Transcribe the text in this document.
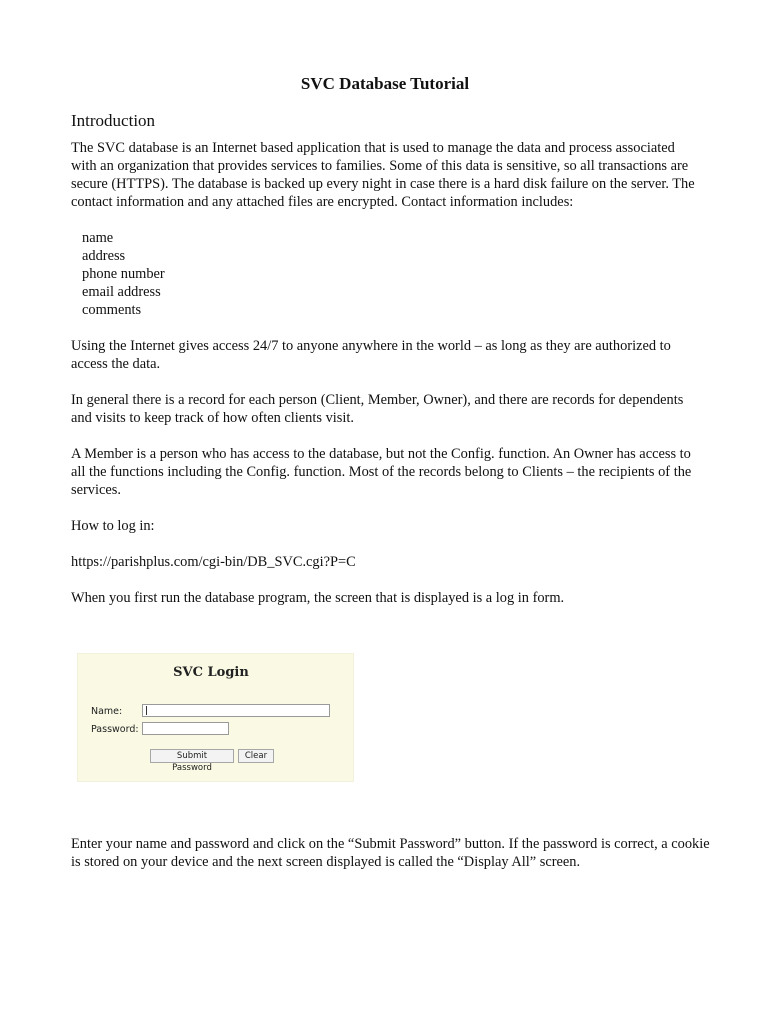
SVC Database Tutorial
Introduction

The SVC database is an Internet based application that is used to manage the data and process associated with an organization that provides services to families. Some of this data is sensitive, so all transactions are secure (HTTPS). The database is backed up every night in case there is a hard disk failure on the server. The contact information and any attached files are encrypted. Contact information includes:

name
address
phone number
email address
comments

Using the Internet gives access 24/7 to anyone anywhere in the world – as long as they are authorized to access the data.

In general there is a record for each person (Client, Member, Owner), and there are records for dependents and visits to keep track of how often clients visit.

A Member is a person who has access to the database, but not the Config. function. An Owner has access to all the functions including the Config. function. Most of the records belong to Clients – the recipients of the services.

How to log in:

https://parishplus.com/cgi-bin/DB_SVC.cgi?P=C

When you first run the database program, the screen that is displayed is a log in form.

SVC Login
Name:
Password:
Submit Password
Clear

Enter your name and password and click on the “Submit Password” button. If the password is correct, a cookie is stored on your device and the next screen displayed is called the “Display All” screen.
